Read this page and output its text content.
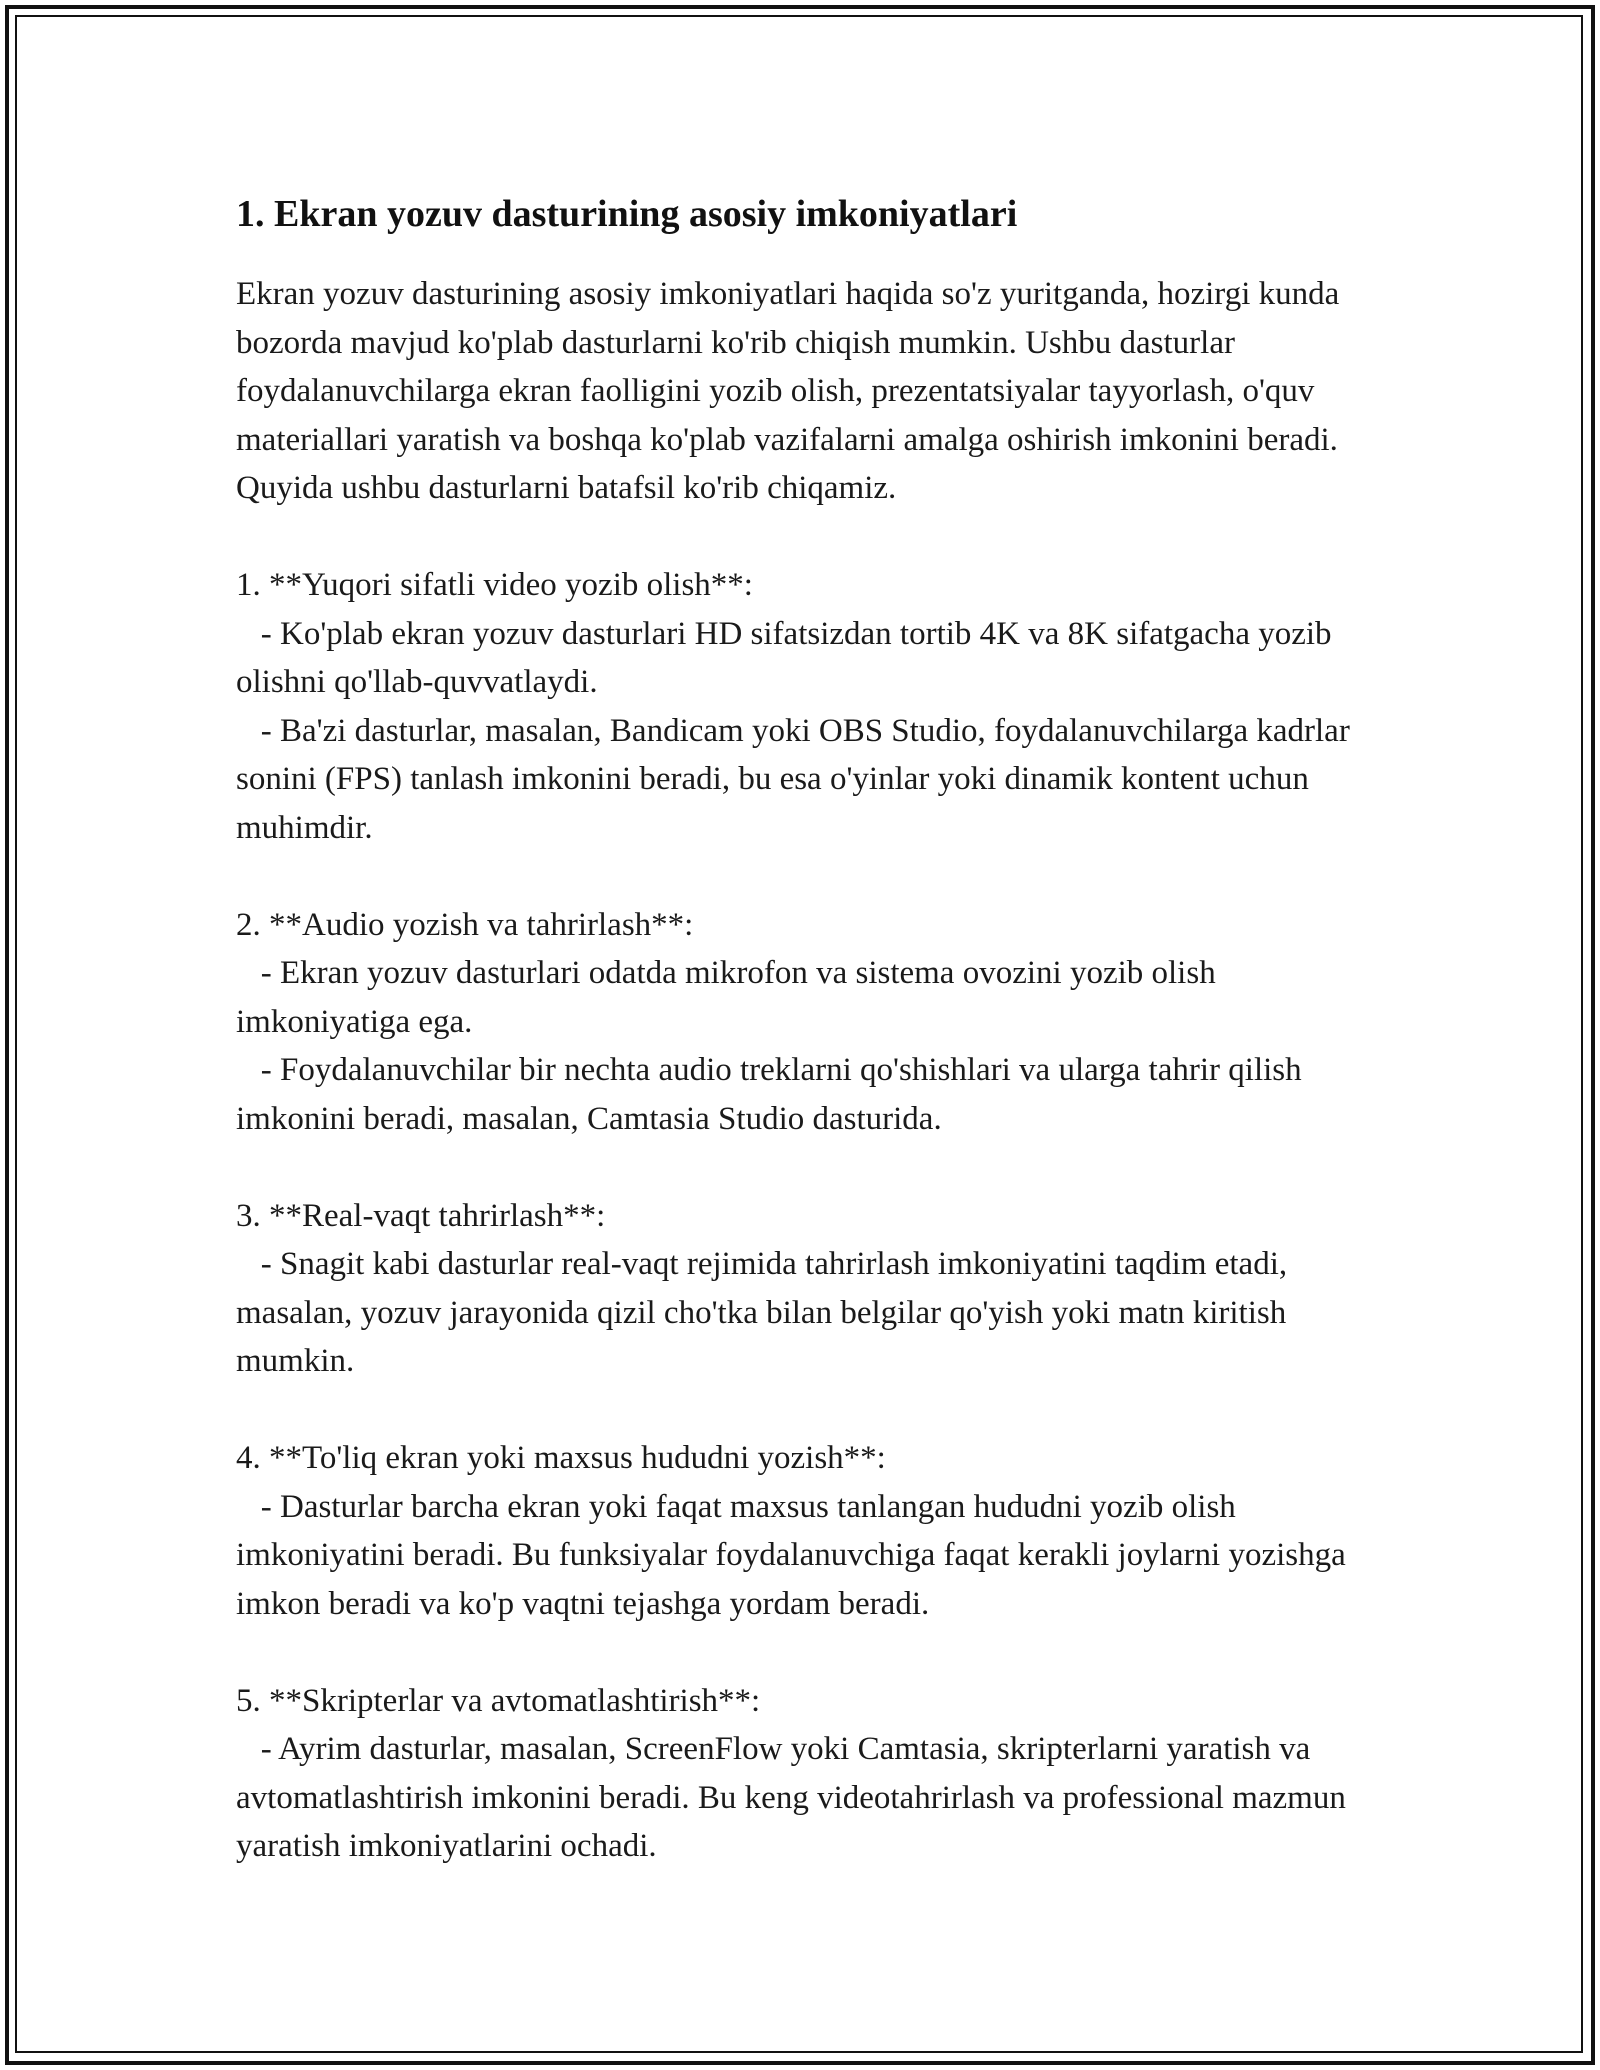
1. Ekran yozuv dasturining asosiy imkoniyatlari

Ekran yozuv dasturining asosiy imkoniyatlari haqida so'z yuritganda, hozirgi kunda bozorda mavjud ko'plab dasturlarni ko'rib chiqish mumkin. Ushbu dasturlar foydalanuvchilarga ekran faolligini yozib olish, prezentatsiyalar tayyorlash, o'quv materiallari yaratish va boshqa ko'plab vazifalarni amalga oshirish imkonini beradi. Quyida ushbu dasturlarni batafsil ko'rib chiqamiz.

1. **Yuqori sifatli video yozib olish**:

- Ko'plab ekran yozuv dasturlari HD sifatsizdan tortib 4K va 8K sifatgacha yozib olishni qo'llab-quvvatlaydi.

- Ba'zi dasturlar, masalan, Bandicam yoki OBS Studio, foydalanuvchilarga kadrlar sonini (FPS) tanlash imkonini beradi, bu esa o'yinlar yoki dinamik kontent uchun muhimdir.

2. **Audio yozish va tahrirlash**:

- Ekran yozuv dasturlari odatda mikrofon va sistema ovozini yozib olish imkoniyatiga ega.

- Foydalanuvchilar bir nechta audio treklarni qo'shishlari va ularga tahrir qilish imkonini beradi, masalan, Camtasia Studio dasturida.

3. **Real-vaqt tahrirlash**:

- Snagit kabi dasturlar real-vaqt rejimida tahrirlash imkoniyatini taqdim etadi, masalan, yozuv jarayonida qizil cho'tka bilan belgilar qo'yish yoki matn kiritish mumkin.

4. **To'liq ekran yoki maxsus hududni yozish**:

- Dasturlar barcha ekran yoki faqat maxsus tanlangan hududni yozib olish imkoniyatini beradi. Bu funksiyalar foydalanuvchiga faqat kerakli joylarni yozishga imkon beradi va ko'p vaqtni tejashga yordam beradi.

5. **Skripterlar va avtomatlashtirish**:

- Ayrim dasturlar, masalan, ScreenFlow yoki Camtasia, skripterlarni yaratish va avtomatlashtirish imkonini beradi. Bu keng videotahrirlash va professional mazmun yaratish imkoniyatlarini ochadi.
